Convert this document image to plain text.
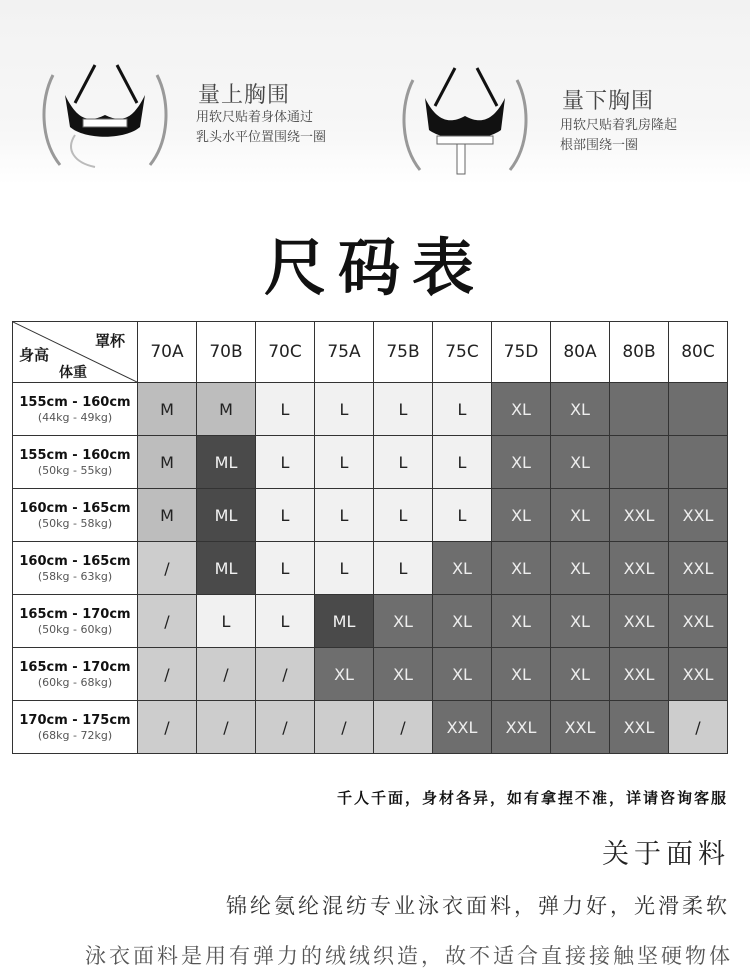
量上胸围
用软尺贴着身体通过
乳头水平位置围绕一圈
量下胸围
用软尺贴着乳房隆起
根部围绕一圈
尺码表
罩杯
身高
体重	70A	70B	70C	75A	75B	75C	75D	80A	80B	80C

155cm - 160cm
(44kg - 49kg)	M	M	L	L	L	L	XL	XL		

155cm - 160cm
(50kg - 55kg)	M	ML	L	L	L	L	XL	XL		

160cm - 165cm
(50kg - 58kg)	M	ML	L	L	L	L	XL	XL	XXL	XXL

160cm - 165cm
(58kg - 63kg)	/	ML	L	L	L	XL	XL	XL	XXL	XXL

165cm - 170cm
(50kg - 60kg)	/	L	L	ML	XL	XL	XL	XL	XXL	XXL

165cm - 170cm
(60kg - 68kg)	/	/	/	XL	XL	XL	XL	XL	XXL	XXL

170cm - 175cm
(68kg - 72kg)	/	/	/	/	/	XXL	XXL	XXL	XXL	/
千人千面，身材各异，如有拿捏不准，详请咨询客服
关于面料
锦纶氨纶混纺专业泳衣面料，弹力好，光滑柔软
泳衣面料是用有弹力的绒绒织造，故不适合直接接触坚硬物体
